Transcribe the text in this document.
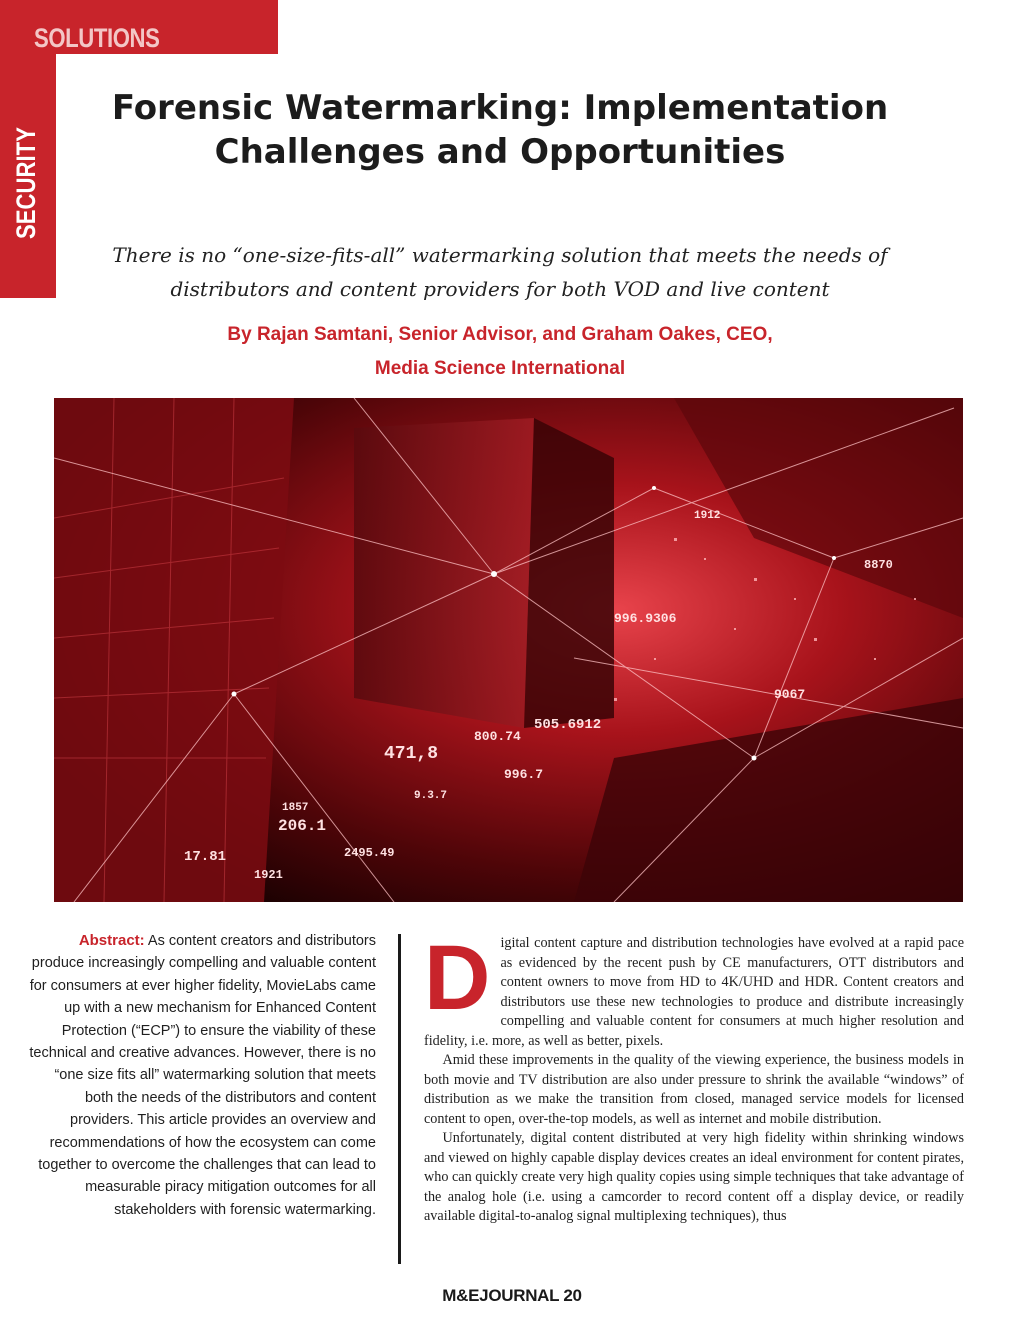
SOLUTIONS

SECURITY

Forensic Watermarking: Implementation Challenges and Opportunities

There is no “one-size-fits-all” watermarking solution that meets the needs of distributors and content providers for both VOD and live content

By Rajan Samtani, Senior Advisor, and Graham Oakes, CEO,
Media Science International

471,8
800.74
996.7
206.1
1857
17.81
9.3.7
996.9306
9067
505.6912
1912
1921
2495.49
8870

Abstract: As content creators and distributors produce increasingly compelling and valuable content for consumers at ever higher fidelity, MovieLabs came up with a new mechanism for Enhanced Content Protection (“ECP”) to ensure the viability of these technical and creative advances. However, there is no “one size fits all” watermarking solution that meets both the needs of the distributors and content providers. This article provides an overview and recommendations of how the ecosystem can come together to overcome the challenges that can lead to measurable piracy mitigation outcomes for all stakeholders with forensic watermarking.

Digital content capture and distribution technologies have evolved at a rapid pace as evidenced by the recent push by CE manufacturers, OTT distributors and content owners to move from HD to 4K/UHD and HDR. Content creators and distributors use these new technologies to produce and distribute increasingly compelling and valuable content for consumers at much higher resolution and fidelity, i.e. more, as well as better, pixels.

Amid these improvements in the quality of the viewing experience, the business models in both movie and TV distribution are also under pressure to shrink the available “windows” of distribution as we make the transition from closed, managed service models for licensed content to open, over-the-top models, as well as internet and mobile distribution.

Unfortunately, digital content distributed at very high fidelity within shrinking windows and viewed on highly capable display devices creates an ideal environment for content pirates, who can quickly create very high quality copies using simple techniques that take advantage of the analog hole (i.e. using a camcorder to record content off a display device, or readily available digital-to-analog signal multiplexing techniques), thus

M&EJOURNAL 20
